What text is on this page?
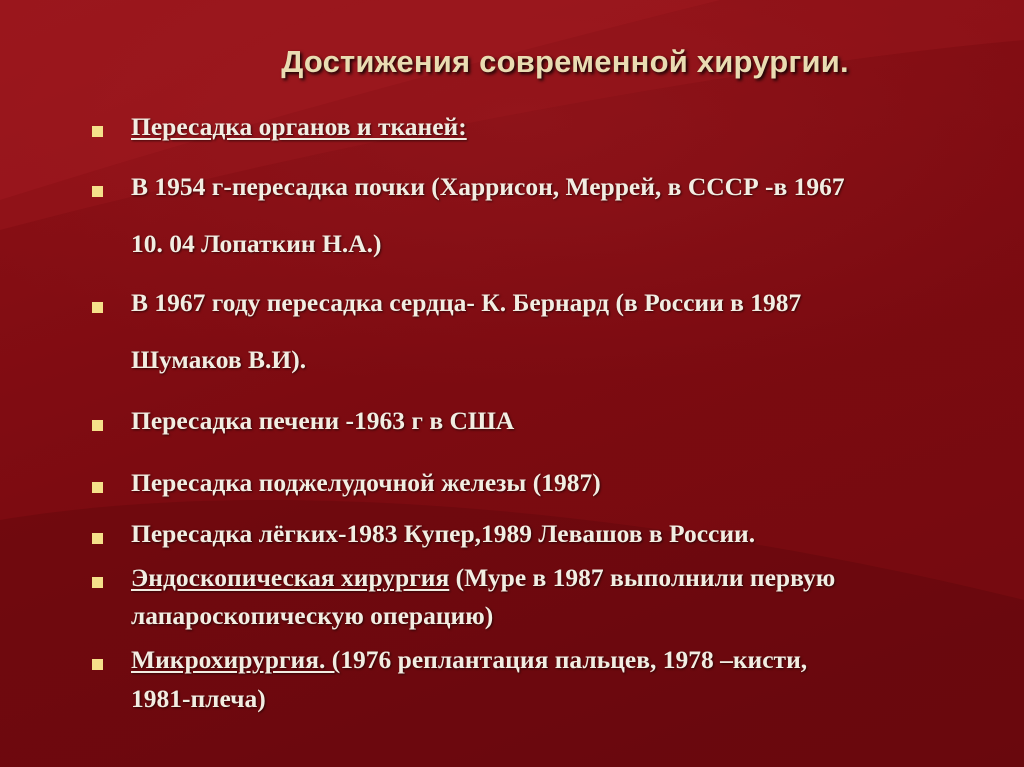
Достижения современной хирургии.
Пересадка органов и тканей:
В 1954 г-пересадка почки (Харрисон, Меррей, в СССР -в 1967
10. 04 Лопаткин Н.А.)
В 1967 году пересадка сердца- К. Бернард (в России в 1987
Шумаков В.И).
Пересадка печени -1963 г в США
Пересадка поджелудочной железы (1987)
Пересадка лёгких-1983 Купер,1989 Левашов в России.
Эндоскопическая хирургия (Муре в 1987 выполнили первую
лапароскопическую операцию)
Микрохирургия. (1976 реплантация пальцев, 1978 –кисти,
1981-плеча)
